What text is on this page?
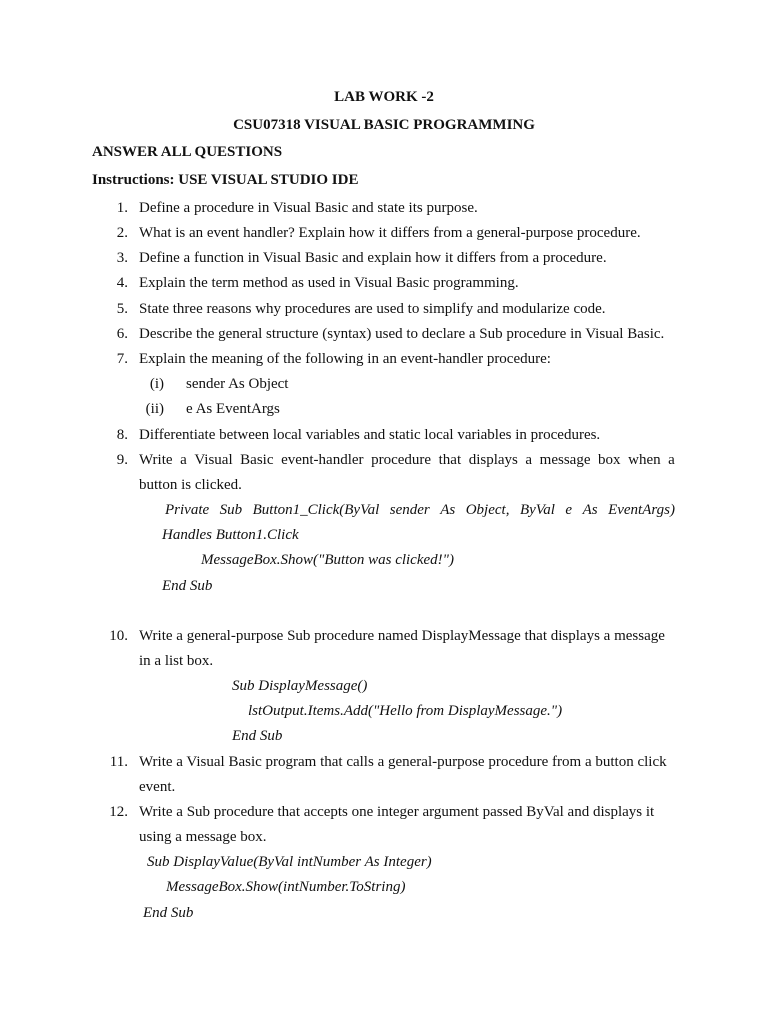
LAB WORK -2
CSU07318 VISUAL BASIC PROGRAMMING
ANSWER ALL QUESTIONS
Instructions: USE VISUAL STUDIO IDE
1. Define a procedure in Visual Basic and state its purpose.
2. What is an event handler? Explain how it differs from a general-purpose procedure.
3. Define a function in Visual Basic and explain how it differs from a procedure.
4. Explain the term method as used in Visual Basic programming.
5. State three reasons why procedures are used to simplify and modularize code.
6. Describe the general structure (syntax) used to declare a Sub procedure in Visual Basic.
7. Explain the meaning of the following in an event-handler procedure:
(i) sender As Object
(ii) e As EventArgs
8. Differentiate between local variables and static local variables in procedures.
9. Write a Visual Basic event-handler procedure that displays a message box when a
button is clicked.
Private Sub Button1_Click(ByVal sender As Object, ByVal e As EventArgs)
Handles Button1.Click
MessageBox.Show("Button was clicked!")
End Sub
10. Write a general-purpose Sub procedure named DisplayMessage that displays a message
in a list box.
Sub DisplayMessage()
lstOutput.Items.Add("Hello from DisplayMessage.")
End Sub
11. Write a Visual Basic program that calls a general-purpose procedure from a button click
event.
12. Write a Sub procedure that accepts one integer argument passed ByVal and displays it
using a message box.
Sub DisplayValue(ByVal intNumber As Integer)
MessageBox.Show(intNumber.ToString)
End Sub
